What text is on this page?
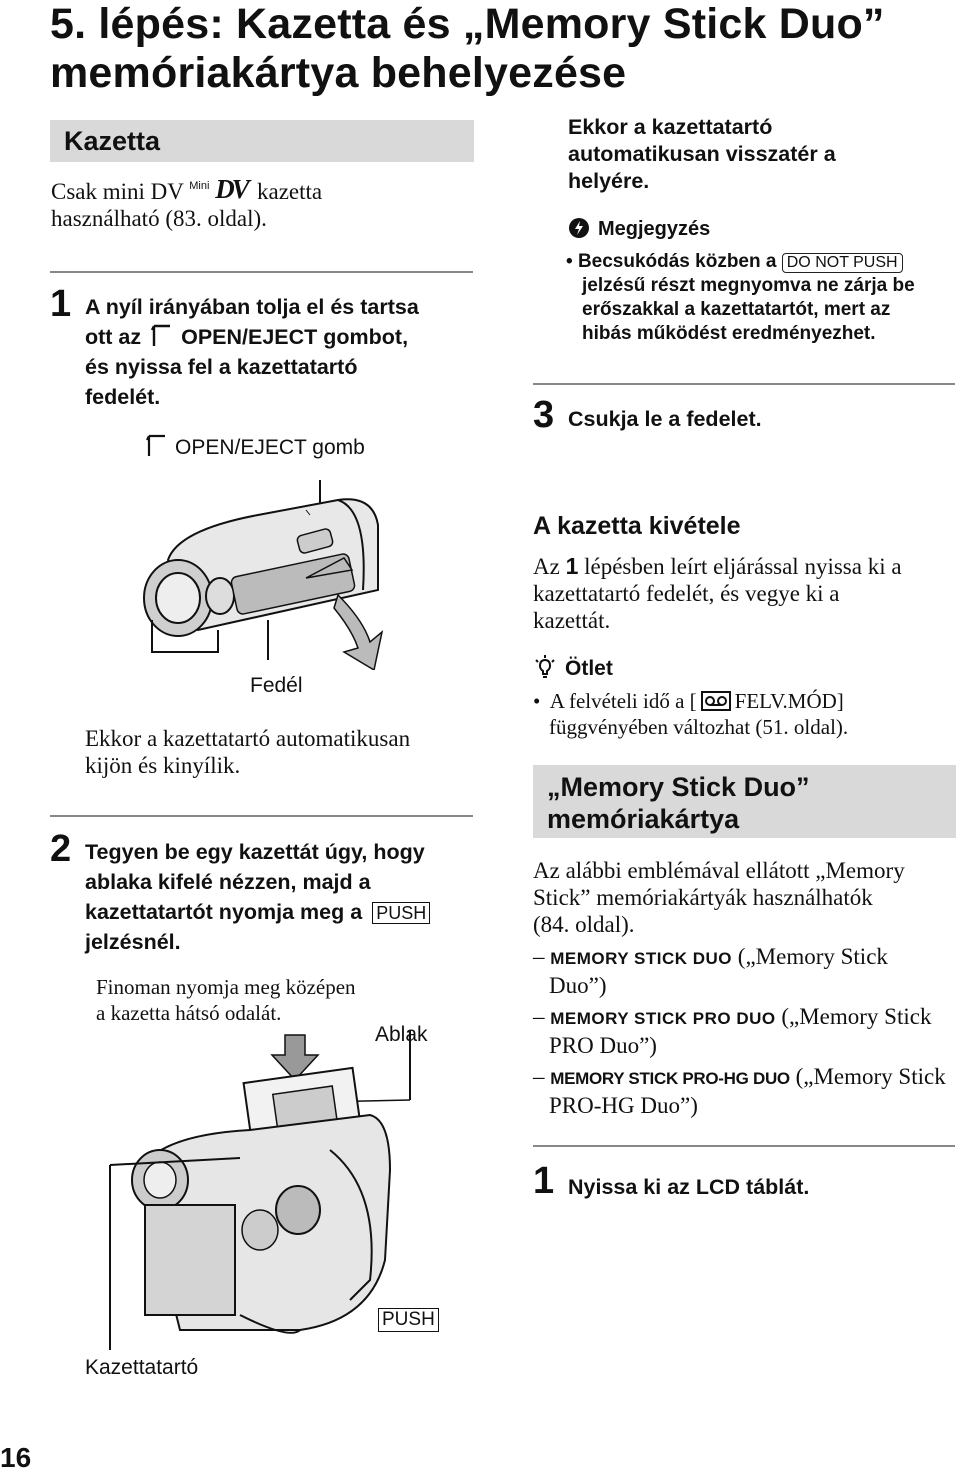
5. lépés: Kazetta és „Memory Stick Duo” memóriakártya behelyezése
Kazetta
Csak mini DV Mini DV kazetta
használható (83. oldal).
1 A nyíl irányában tolja el és tartsa
ott az OPEN/EJECT gombot,
és nyissa fel a kazettatartó
fedelét.
OPEN/EJECT gomb
Fedél
Ekkor a kazettatartó automatikusan
kijön és kinyílik.
2 Tegyen be egy kazettát úgy, hogy
ablaka kifelé nézzen, majd a
kazettatartót nyomja meg a PUSH
jelzésnél.
Finoman nyomja meg középen
a kazetta hátsó odalát.
Ablak
PUSH
Kazettatartó
Ekkor a kazettatartó
automatikusan visszatér a
helyére.
Megjegyzés
• Becsukódás közben a DO NOT PUSH
jelzésű részt megnyomva ne zárja be
erőszakkal a kazettatartót, mert az
hibás működést eredményezhet.
3 Csukja le a fedelet.
A kazetta kivétele
Az 1 lépésben leírt eljárással nyissa ki a
kazettatartó fedelét, és vegye ki a
kazettát.
Ötlet
•  A felvételi idő a [ FELV.MÓD]
függvényében változhat (51. oldal).
„Memory Stick Duo”
memóriakártya
Az alábbi emblémával ellátott „Memory
Stick” memóriakártyák használhatók
(84. oldal).
– MEMORY STICK DUO („Memory Stick
Duo”)
– MEMORY STICK PRO DUO („Memory Stick
PRO Duo”)
– MEMORY STICK PRO-HG DUO („Memory Stick
PRO-HG Duo”)
1 Nyissa ki az LCD táblát.
16
